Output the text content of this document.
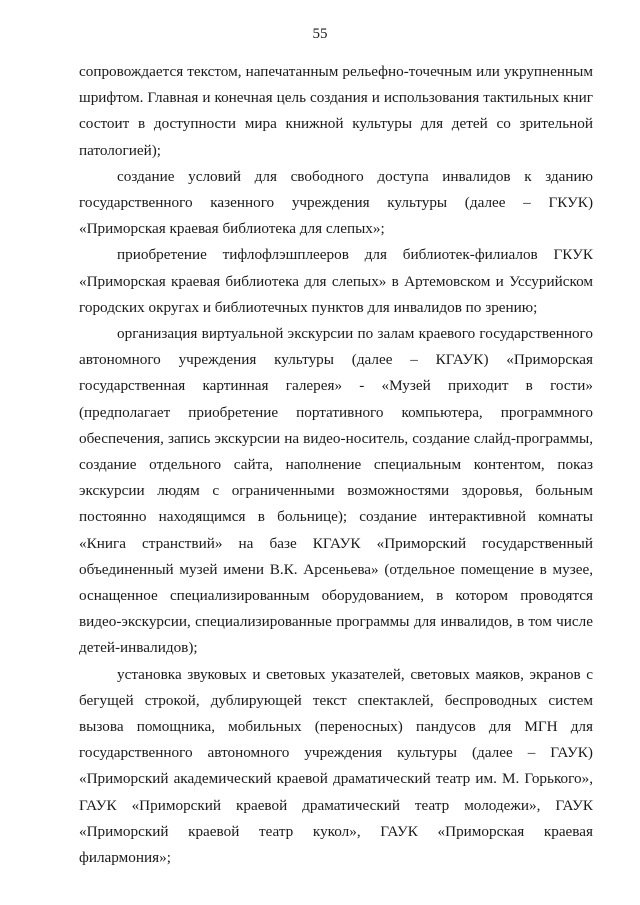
55

сопровождается текстом, напечатанным рельефно-точечным или укрупненным шрифтом. Главная и конечная цель создания и использования тактильных книг состоит в доступности мира книжной культуры для детей со зрительной патологией);

создание условий для свободного доступа инвалидов к зданию государственного казенного учреждения культуры (далее – ГКУК) «Приморская краевая библиотека для слепых»;

приобретение тифлофлэшплееров для библиотек-филиалов ГКУК «Приморская краевая библиотека для слепых» в Артемовском и Уссурийском городских округах и библиотечных пунктов для инвалидов по зрению;

организация виртуальной экскурсии по залам краевого государственного автономного учреждения культуры (далее – КГАУК) «Приморская государственная картинная галерея» - «Музей приходит в гости» (предполагает приобретение портативного компьютера, программного обеспечения, запись экскурсии на видео-носитель, создание слайд-программы, создание отдельного сайта, наполнение специальным контентом, показ экскурсии людям с ограниченными возможностями здоровья, больным постоянно находящимся в больнице); создание интерактивной комнаты «Книга странствий» на базе КГАУК «Приморский государственный объединенный музей имени В.К. Арсеньева» (отдельное помещение в музее, оснащенное специализированным оборудованием, в котором проводятся видео-экскурсии, специализированные программы для инвалидов, в том числе детей-инвалидов);

установка звуковых и световых указателей, световых маяков, экранов с бегущей строкой, дублирующей текст спектаклей, беспроводных систем вызова помощника, мобильных (переносных) пандусов для МГН для государственного автономного учреждения культуры (далее – ГАУК) «Приморский академический краевой драматический театр им. М. Горького», ГАУК «Приморский краевой драматический театр молодежи», ГАУК «Приморский краевой театр кукол», ГАУК «Приморская краевая филармония»;
